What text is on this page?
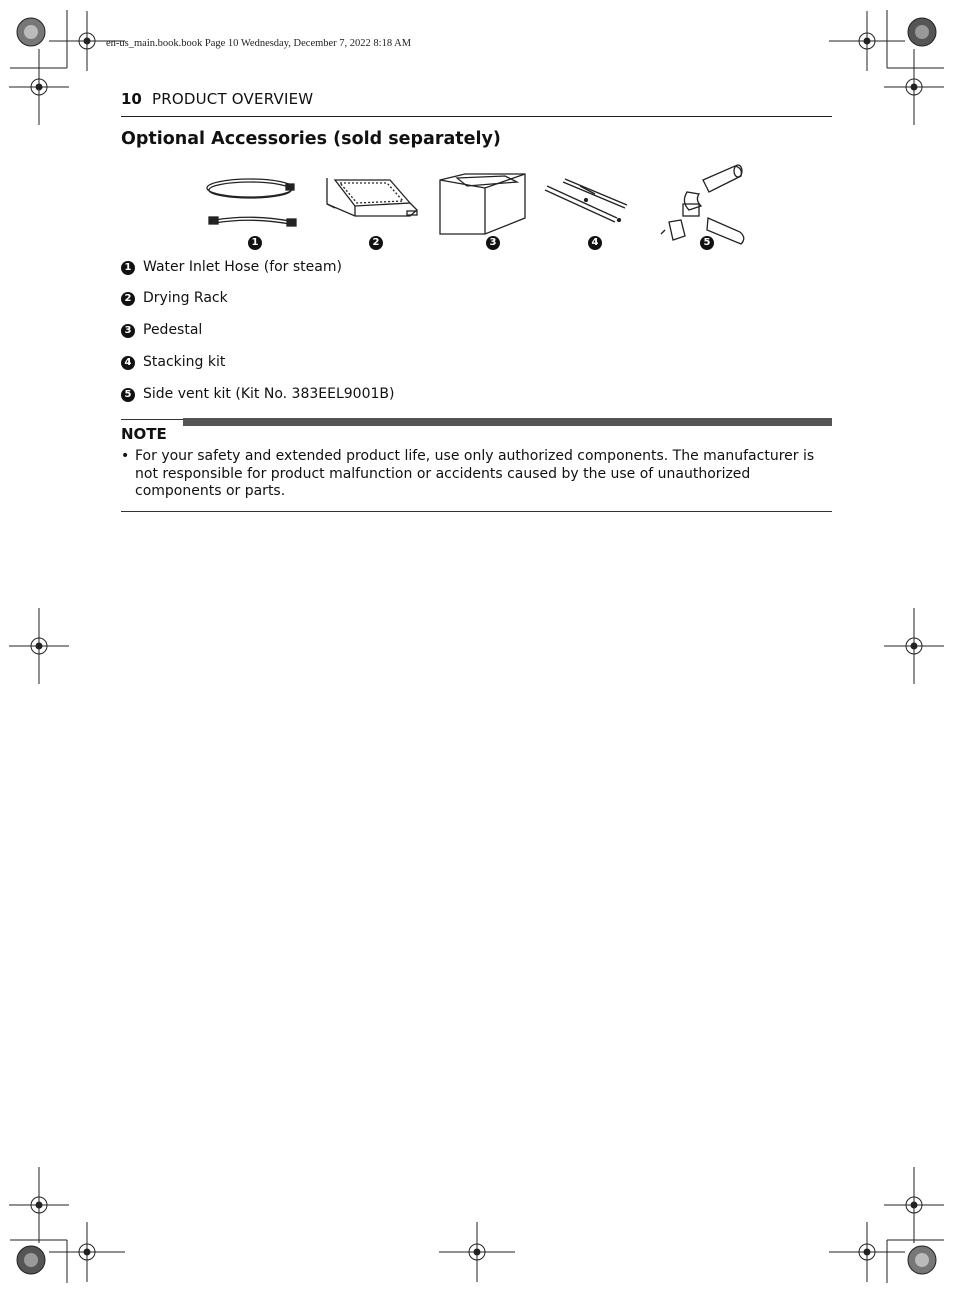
en-us_main.book.book Page 10 Wednesday, December 7, 2022 8:18 AM
10 PRODUCT OVERVIEW
Optional Accessories (sold separately)
1	2	3	4	5
1 Water Inlet Hose (for steam)
2 Drying Rack
3 Pedestal
4 Stacking kit
5 Side vent kit (Kit No. 383EEL9001B)
NOTE
• For your safety and extended product life, use only authorized components. The manufacturer is not responsible for product malfunction or accidents caused by the use of unauthorized components or parts.
